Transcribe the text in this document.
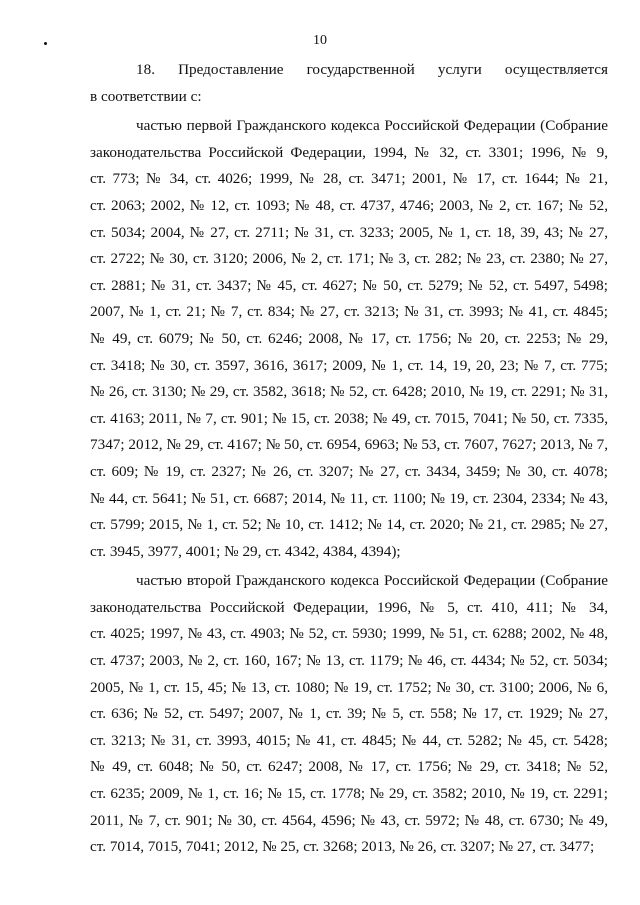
10
18. Предоставление государственной услуги осуществляется
в соответствии с:
частью первой Гражданского кодекса Российской Федерации (Собрание
законодательства Российской Федерации, 1994, № 32, ст. 3301; 1996, № 9,
ст. 773; № 34, ст. 4026; 1999, № 28, ст. 3471; 2001, № 17, ст. 1644; № 21,
ст. 2063; 2002, № 12, ст. 1093; № 48, ст. 4737, 4746; 2003, № 2, ст. 167; № 52,
ст. 5034; 2004, № 27, ст. 2711; № 31, ст. 3233; 2005, № 1, ст. 18, 39, 43; № 27,
ст. 2722; № 30, ст. 3120; 2006, № 2, ст. 171; № 3, ст. 282; № 23, ст. 2380; № 27,
ст. 2881; № 31, ст. 3437; № 45, ст. 4627; № 50, ст. 5279; № 52, ст. 5497, 5498;
2007, № 1, ст. 21; № 7, ст. 834; № 27, ст. 3213; № 31, ст. 3993; № 41, ст. 4845;
№ 49, ст. 6079; № 50, ст. 6246; 2008, № 17, ст. 1756; № 20, ст. 2253; № 29,
ст. 3418; № 30, ст. 3597, 3616, 3617; 2009, № 1, ст. 14, 19, 20, 23; № 7, ст. 775;
№ 26, ст. 3130; № 29, ст. 3582, 3618; № 52, ст. 6428; 2010, № 19, ст. 2291; № 31,
ст. 4163; 2011, № 7, ст. 901; № 15, ст. 2038; № 49, ст. 7015, 7041; № 50, ст. 7335,
7347; 2012, № 29, ст. 4167; № 50, ст. 6954, 6963; № 53, ст. 7607, 7627; 2013, № 7,
ст. 609; № 19, ст. 2327; № 26, ст. 3207; № 27, ст. 3434, 3459; № 30, ст. 4078;
№ 44, ст. 5641; № 51, ст. 6687; 2014, № 11, ст. 1100; № 19, ст. 2304, 2334; № 43,
ст. 5799; 2015, № 1, ст. 52; № 10, ст. 1412; № 14, ст. 2020; № 21, ст. 2985; № 27,
ст. 3945, 3977, 4001; № 29, ст. 4342, 4384, 4394);
частью второй Гражданского кодекса Российской Федерации (Собрание
законодательства Российской Федерации, 1996, № 5, ст. 410, 411; № 34,
ст. 4025; 1997, № 43, ст. 4903; № 52, ст. 5930; 1999, № 51, ст. 6288; 2002, № 48,
ст. 4737; 2003, № 2, ст. 160, 167; № 13, ст. 1179; № 46, ст. 4434; № 52, ст. 5034;
2005, № 1, ст. 15, 45; № 13, ст. 1080; № 19, ст. 1752; № 30, ст. 3100; 2006, № 6,
ст. 636; № 52, ст. 5497; 2007, № 1, ст. 39; № 5, ст. 558; № 17, ст. 1929; № 27,
ст. 3213; № 31, ст. 3993, 4015; № 41, ст. 4845; № 44, ст. 5282; № 45, ст. 5428;
№ 49, ст. 6048; № 50, ст. 6247; 2008, № 17, ст. 1756; № 29, ст. 3418; № 52,
ст. 6235; 2009, № 1, ст. 16; № 15, ст. 1778; № 29, ст. 3582; 2010, № 19, ст. 2291;
2011, № 7, ст. 901; № 30, ст. 4564, 4596; № 43, ст. 5972; № 48, ст. 6730; № 49,
ст. 7014, 7015, 7041; 2012, № 25, ст. 3268; 2013, № 26, ст. 3207; № 27, ст. 3477;
